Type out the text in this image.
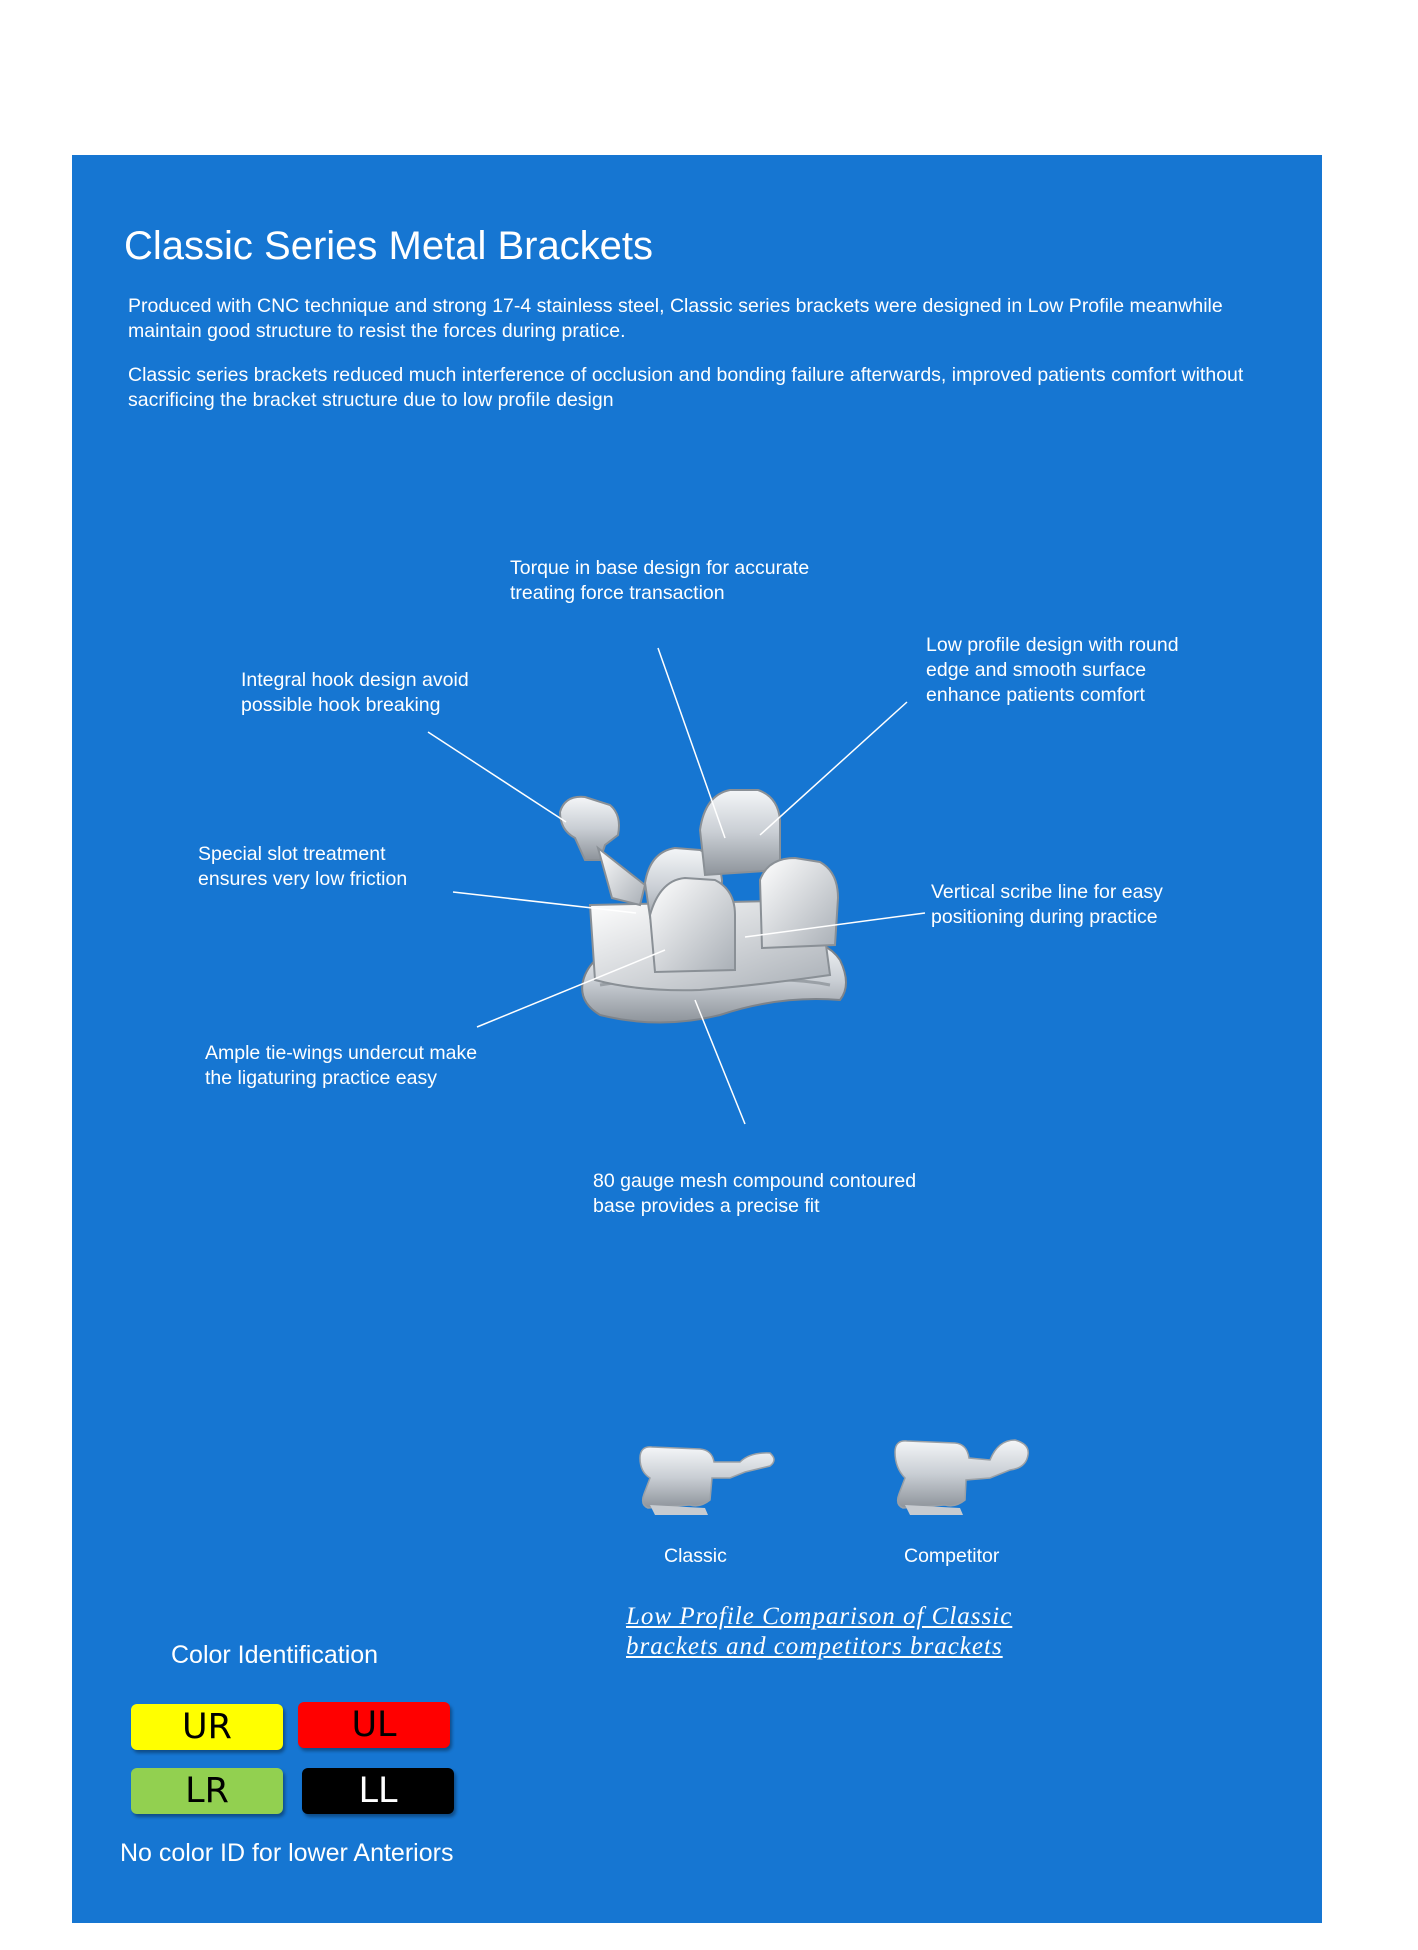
Classic Series Metal Brackets

Produced with CNC technique and strong 17-4 stainless steel, Classic series brackets were designed in Low Profile meanwhile maintain good structure to resist the forces during pratice.

Classic series brackets reduced much interference of occlusion and bonding failure afterwards, improved patients comfort without sacrificing the bracket structure due to low profile design

Torque in base design for accurate
treating force transaction
Low profile design with round
edge and smooth surface
enhance patients comfort
Integral hook design avoid
possible hook breaking
Special slot treatment
ensures very low friction
Vertical scribe line for easy
positioning during practice
Ample tie-wings undercut make
the ligaturing practice easy
80 gauge mesh compound contoured
base provides a precise fit
Classic	Competitor
Low Profile Comparison of Classic
brackets and competitors brackets
Color Identification
UR	UL
LR	LL
No color ID for lower Anteriors
